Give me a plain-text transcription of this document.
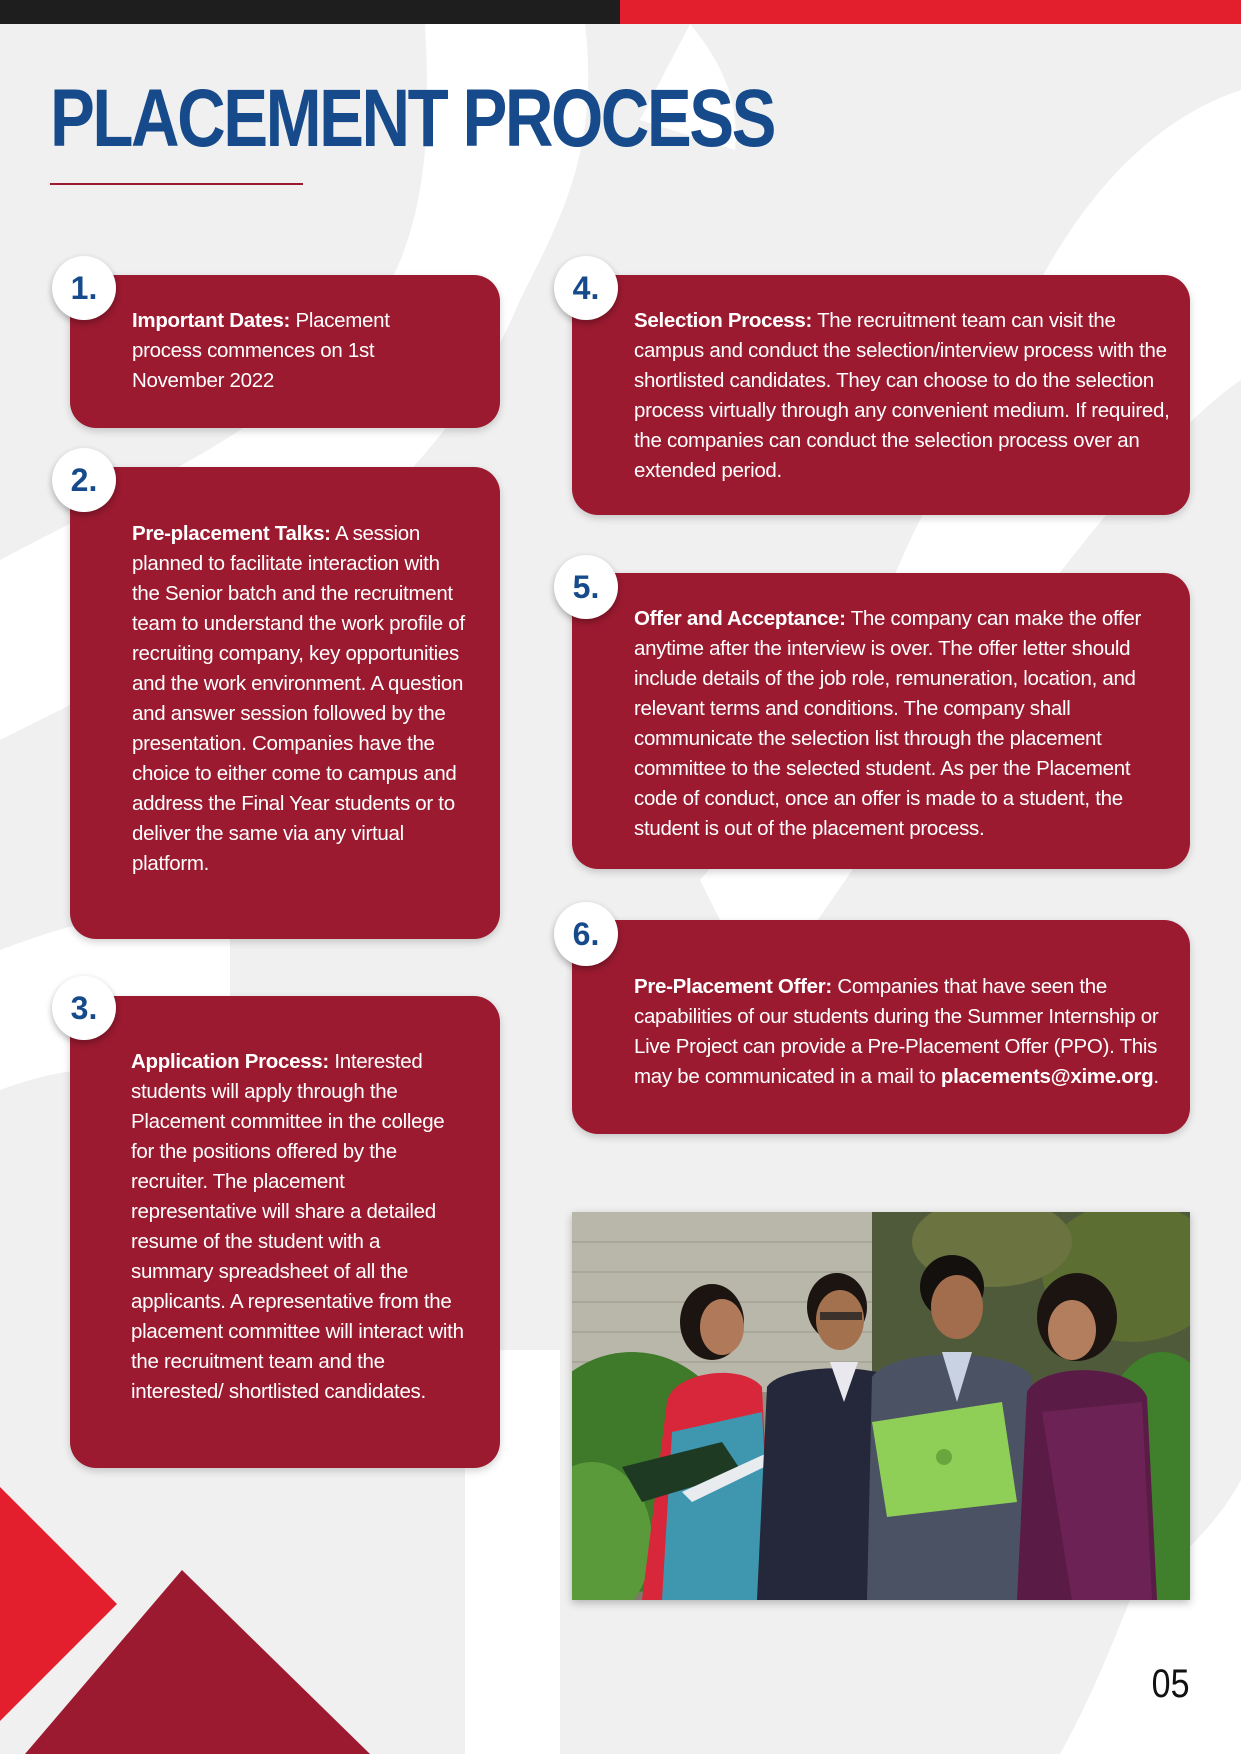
PLACEMENT PROCESS
1.

Important Dates: Placement process commences on 1st November 2022

2.

Pre-placement Talks: A session planned to facilitate interaction with the Senior batch and the recruitment team to understand the work profile of recruiting company, key opportunities and the work environment. A question and answer session followed by the presentation. Companies have the choice to either come to campus and address the Final Year students or to deliver the same via any virtual platform.

3.

Application Process: Interested students will apply through the Placement committee in the college for the positions offered by the recruiter. The placement representative will share a detailed resume of the student with a summary spreadsheet of all the applicants. A representative from the placement committee will interact with the recruitment team and the interested/ shortlisted candidates.

4.

Selection Process: The recruitment team can visit the campus and conduct the selection/interview process with the shortlisted candidates. They can choose to do the selection process virtually through any convenient medium. If required, the companies can conduct the selection process over an extended period.

5.

Offer and Acceptance: The company can make the offer anytime after the interview is over. The offer letter should include details of the job role, remuneration, location, and relevant terms and conditions. The company shall communicate the selection list through the placement committee to the selected student. As per the Placement code of conduct, once an offer is made to a student, the student is out of the placement process.

6.

Pre-Placement Offer: Companies that have seen the capabilities of our students during the Summer Internship or Live Project can provide a Pre-Placement Offer (PPO). This may be communicated in a mail to placements@xime.org.

05
